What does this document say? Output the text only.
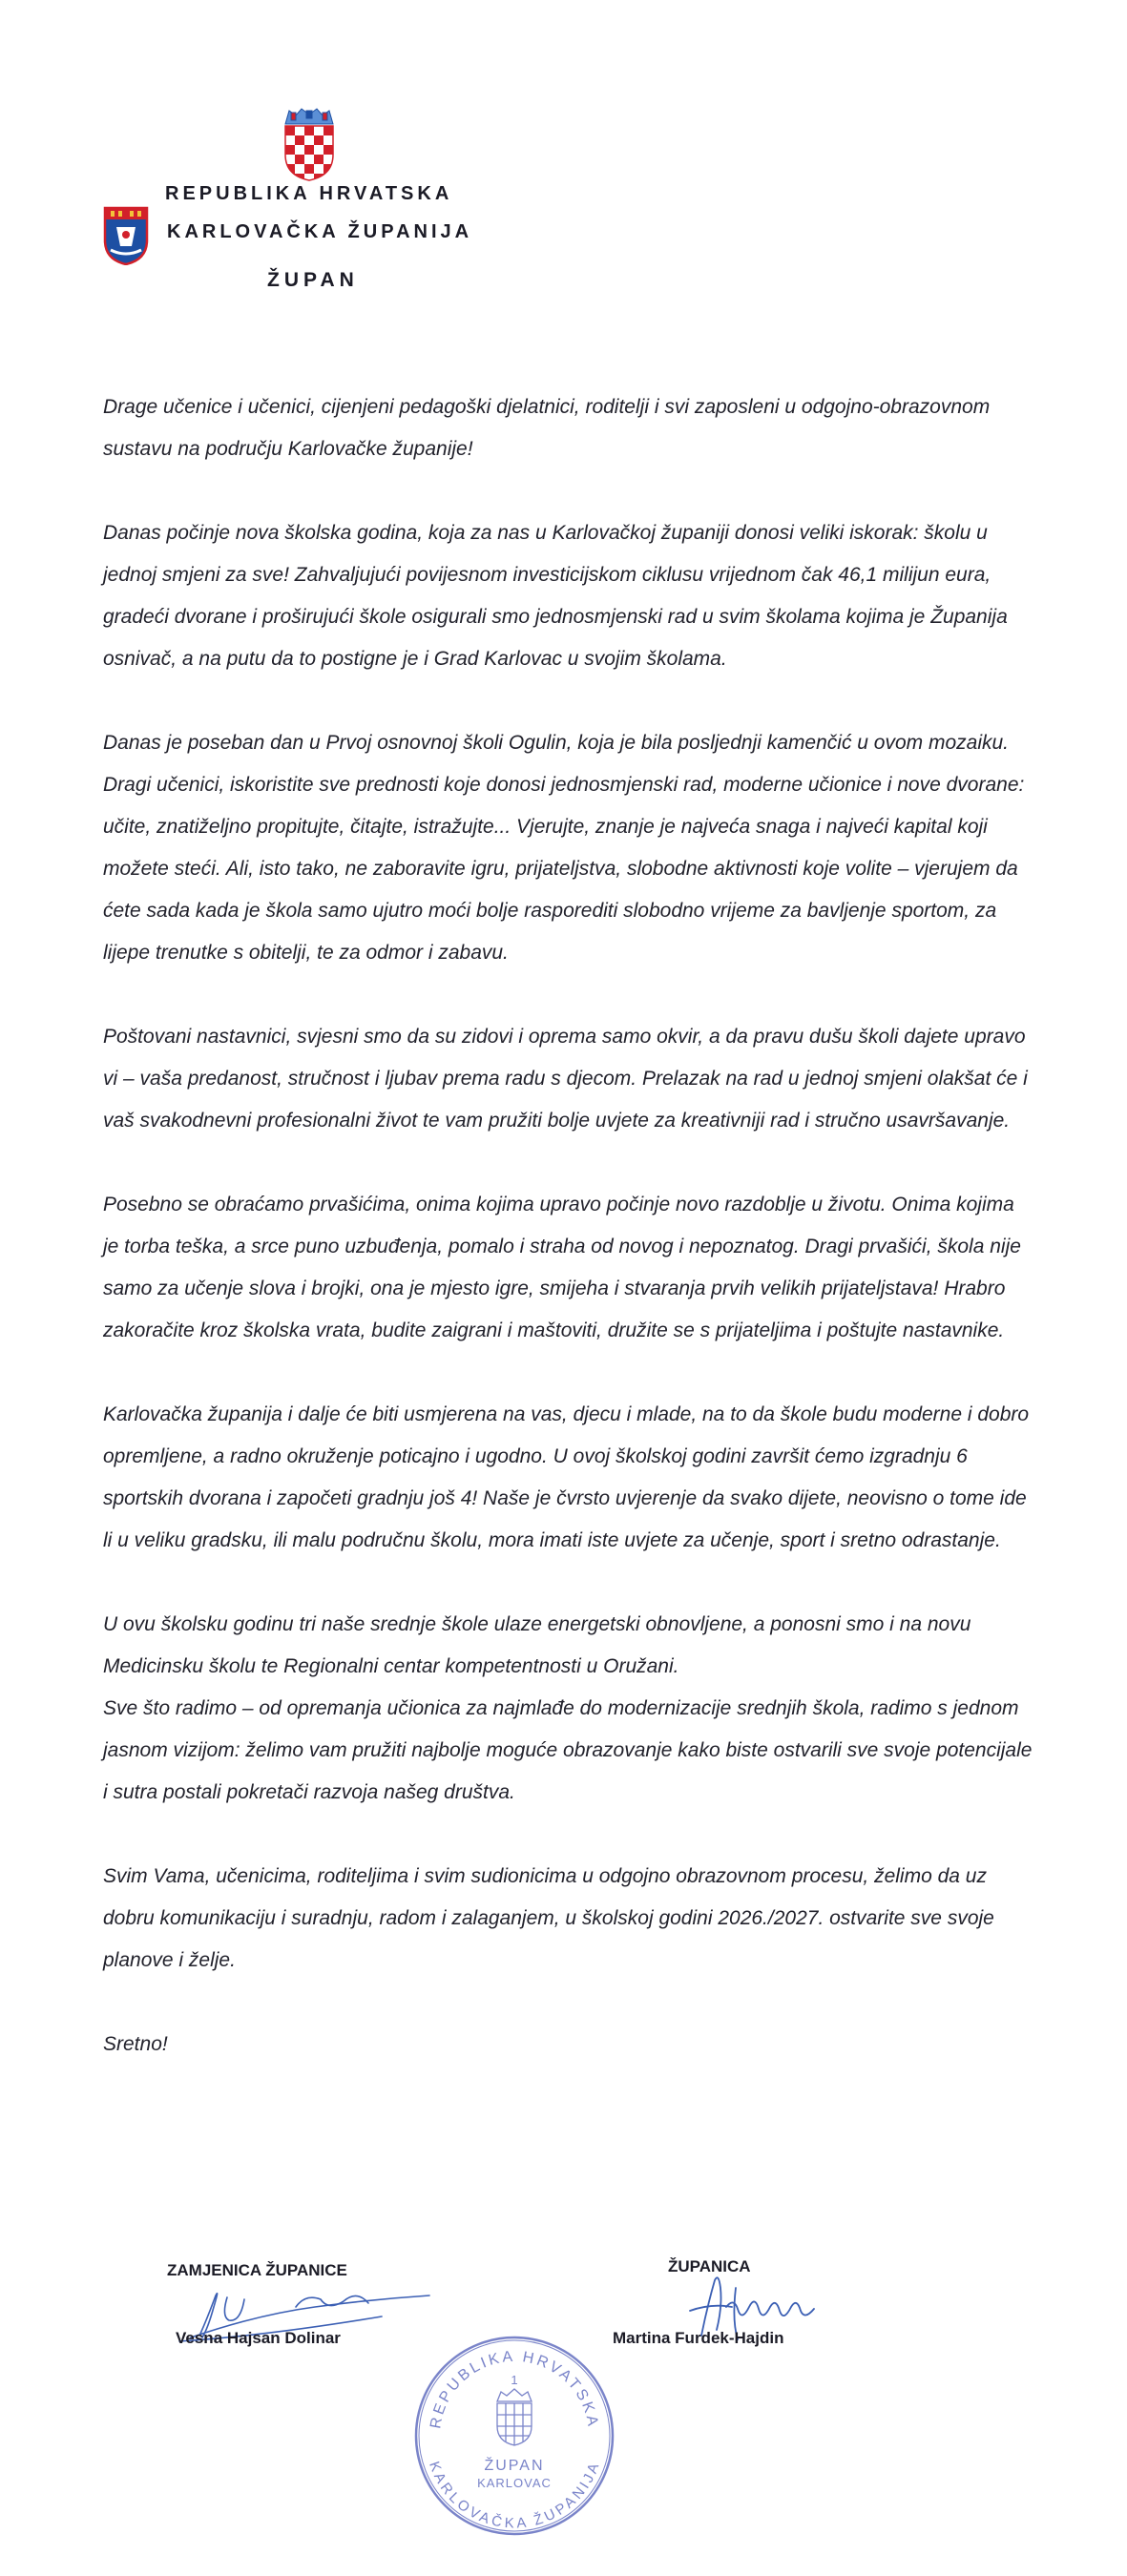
REPUBLIKA HRVATSKA
KARLOVAČKA ŽUPANIJA
ŽUPAN

Drage učenice i učenici, cijenjeni pedagoški djelatnici, roditelji i svi zaposleni u odgojno-obrazovnom sustavu na području Karlovačke županije!

Danas počinje nova školska godina, koja za nas u Karlovačkoj županiji donosi veliki iskorak: školu u jednoj smjeni za sve! Zahvaljujući povijesnom investicijskom ciklusu vrijednom čak 46,1 milijun eura, gradeći dvorane i proširujući škole osigurali smo jednosmjenski rad u svim školama kojima je Županija osnivač, a na putu da to postigne je i Grad Karlovac u svojim školama.

Danas je poseban dan u Prvoj osnovnoj školi Ogulin, koja je bila posljednji kamenčić u ovom mozaiku. Dragi učenici, iskoristite sve prednosti koje donosi jednosmjenski rad, moderne učionice i nove dvorane: učite, znatiželjno propitujte, čitajte, istražujte... Vjerujte, znanje je najveća snaga i najveći kapital koji možete steći. Ali, isto tako, ne zaboravite igru, prijateljstva, slobodne aktivnosti koje volite – vjerujem da ćete sada kada je škola samo ujutro moći bolje rasporediti slobodno vrijeme za bavljenje sportom, za lijepe trenutke s obitelji, te za odmor i zabavu.

Poštovani nastavnici, svjesni smo da su zidovi i oprema samo okvir, a da pravu dušu školi dajete upravo vi – vaša predanost, stručnost i ljubav prema radu s djecom. Prelazak na rad u jednoj smjeni olakšat će i vaš svakodnevni profesionalni život te vam pružiti bolje uvjete za kreativniji rad i stručno usavršavanje.

Posebno se obraćamo prvašićima, onima kojima upravo počinje novo razdoblje u životu. Onima kojima je torba teška, a srce puno uzbuđenja, pomalo i straha od novog i nepoznatog. Dragi prvašići, škola nije samo za učenje slova i brojki, ona je mjesto igre, smijeha i stvaranja prvih velikih prijateljstava! Hrabro zakoračite kroz školska vrata, budite zaigrani i maštoviti, družite se s prijateljima i poštujte nastavnike.

Karlovačka županija i dalje će biti usmjerena na vas, djecu i mlade, na to da škole budu moderne i dobro opremljene, a radno okruženje poticajno i ugodno. U ovoj školskoj godini završit ćemo izgradnju 6 sportskih dvorana i započeti gradnju još 4! Naše je čvrsto uvjerenje da svako dijete, neovisno o tome ide li u veliku gradsku, ili malu područnu školu, mora imati iste uvjete za učenje, sport i sretno odrastanje.

U ovu školsku godinu tri naše srednje škole ulaze energetski obnovljene, a ponosni smo i na novu Medicinsku školu te Regionalni centar kompetentnosti u Oružani.

Sve što radimo – od opremanja učionica za najmlađe do modernizacije srednjih škola, radimo s jednom jasnom vizijom: želimo vam pružiti najbolje moguće obrazovanje kako biste ostvarili sve svoje potencijale i sutra postali pokretači razvoja našeg društva.

Svim Vama, učenicima, roditeljima i svim sudionicima u odgojno obrazovnom procesu, želimo da uz dobru komunikaciju i suradnju, radom i zalaganjem, u školskoj godini 2026./2027. ostvarite sve svoje planove i želje.

Sretno!

ZAMJENICA ŽUPANICE	ŽUPANICA
Vesna Hajsan Dolinar	Martina Furdek-Hajdin
REPUBLIKA HRVATSKA
KARLOVAČKA ŽUPANIJA
1
ŽUPAN
KARLOVAC
